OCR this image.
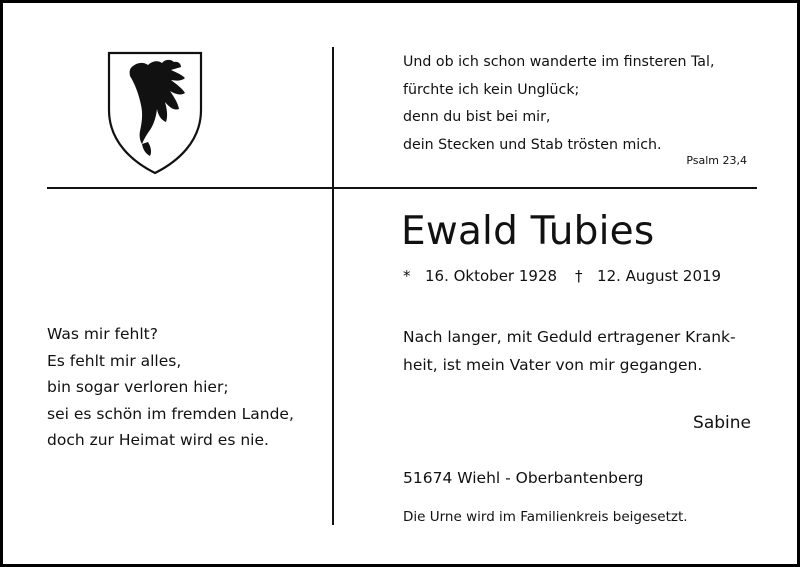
Und ob ich schon wanderte im finsteren Tal,
fürchte ich kein Unglück;
denn du bist bei mir,
dein Stecken und Stab trösten mich.
Psalm 23,4
Ewald Tubies
* 16. Oktober 1928 † 12. August 2019
Nach langer, mit Geduld ertragener Krank-
heit, ist mein Vater von mir gegangen.
Sabine
51674 Wiehl - Oberbantenberg
Die Urne wird im Familienkreis beigesetzt.
Was mir fehlt?
Es fehlt mir alles,
bin sogar verloren hier;
sei es schön im fremden Lande,
doch zur Heimat wird es nie.
